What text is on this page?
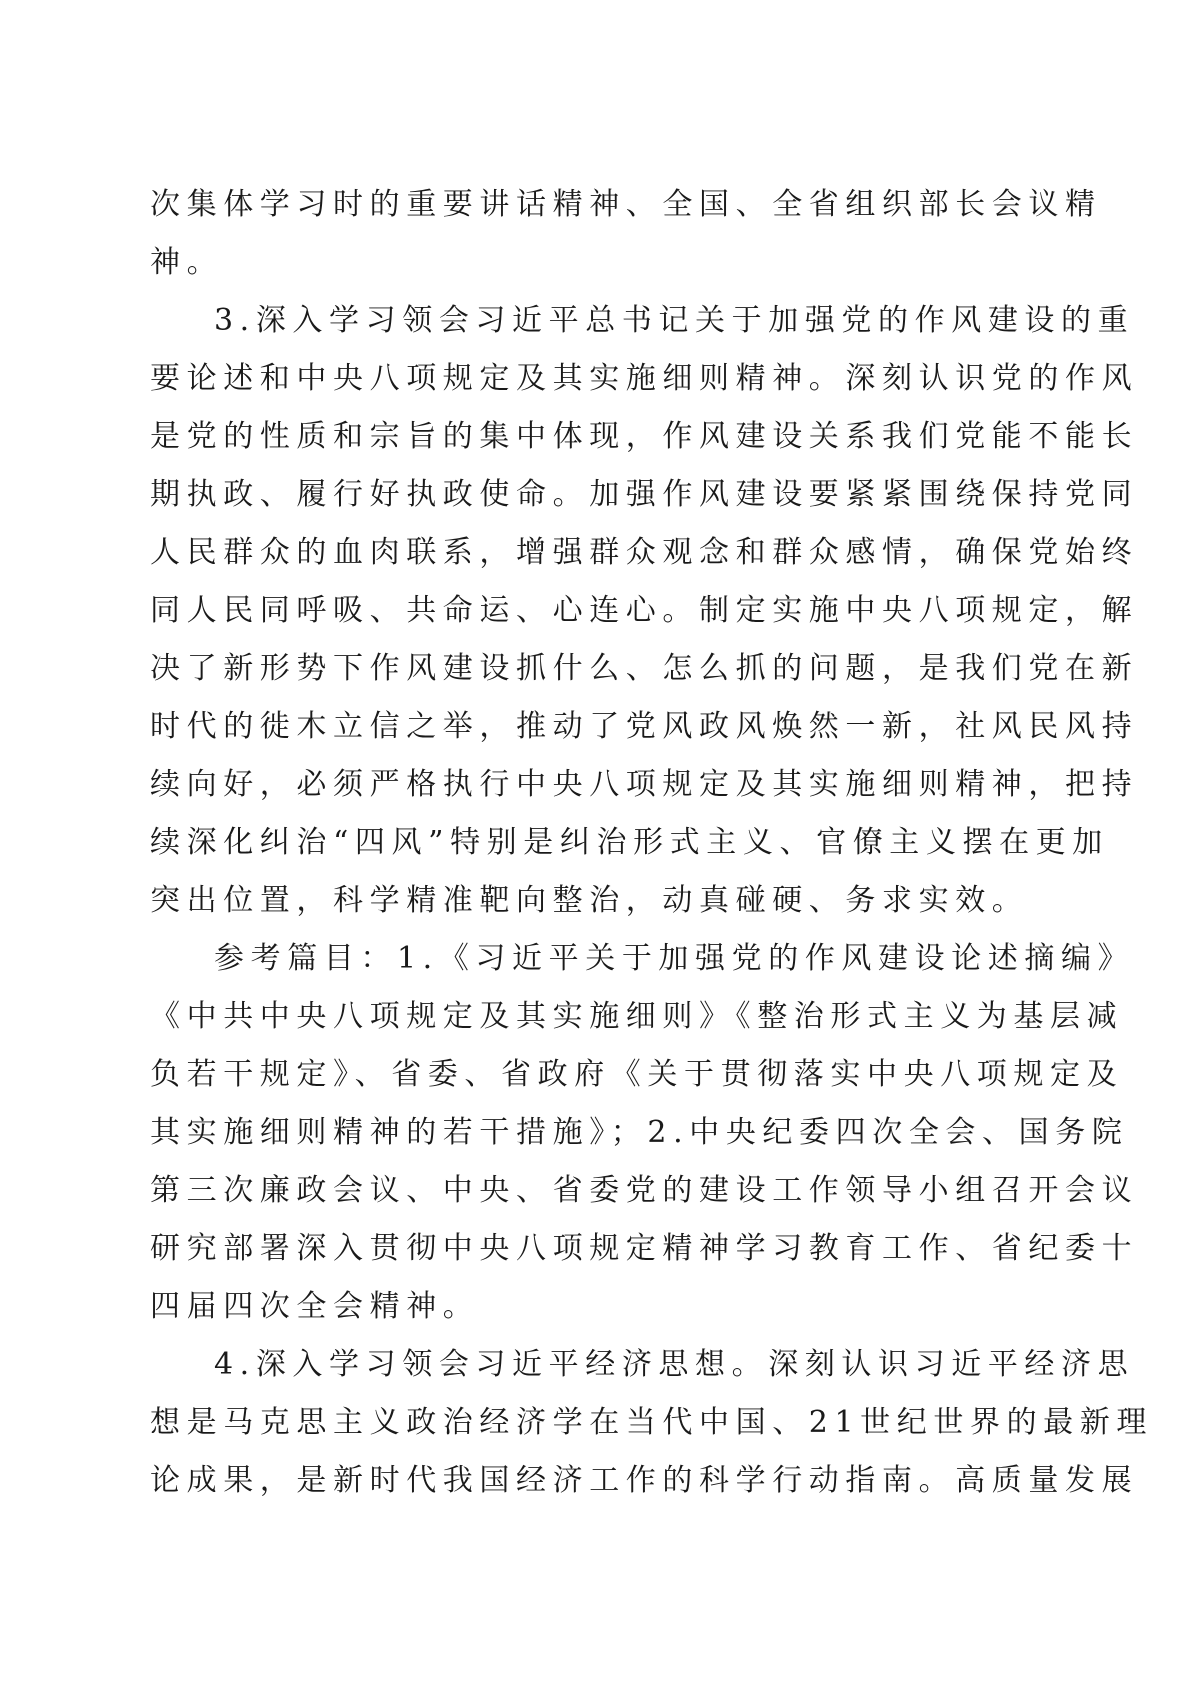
次集体学习时的重要讲话精神、全国、全省组织部长会议精
神。
3.深入学习领会习近平总书记关于加强党的作风建设的重
要论述和中央八项规定及其实施细则精神。深刻认识党的作风
是党的性质和宗旨的集中体现，作风建设关系我们党能不能长
期执政、履行好执政使命。加强作风建设要紧紧围绕保持党同
人民群众的血肉联系，增强群众观念和群众感情，确保党始终
同人民同呼吸、共命运、心连心。制定实施中央八项规定，解
决了新形势下作风建设抓什么、怎么抓的问题，是我们党在新
时代的徙木立信之举，推动了党风政风焕然一新，社风民风持
续向好，必须严格执行中央八项规定及其实施细则精神，把持
续深化纠治“四风”特别是纠治形式主义、官僚主义摆在更加
突出位置，科学精准靶向整治，动真碰硬、务求实效。
参考篇目：1.《习近平关于加强党的作风建设论述摘编》
《中共中央八项规定及其实施细则》《整治形式主义为基层减
负若干规定》、省委、省政府《关于贯彻落实中央八项规定及
其实施细则精神的若干措施》；2.中央纪委四次全会、国务院
第三次廉政会议、中央、省委党的建设工作领导小组召开会议
研究部署深入贯彻中央八项规定精神学习教育工作、省纪委十
四届四次全会精神。
4.深入学习领会习近平经济思想。深刻认识习近平经济思
想是马克思主义政治经济学在当代中国、21世纪世界的最新理
论成果，是新时代我国经济工作的科学行动指南。高质量发展
